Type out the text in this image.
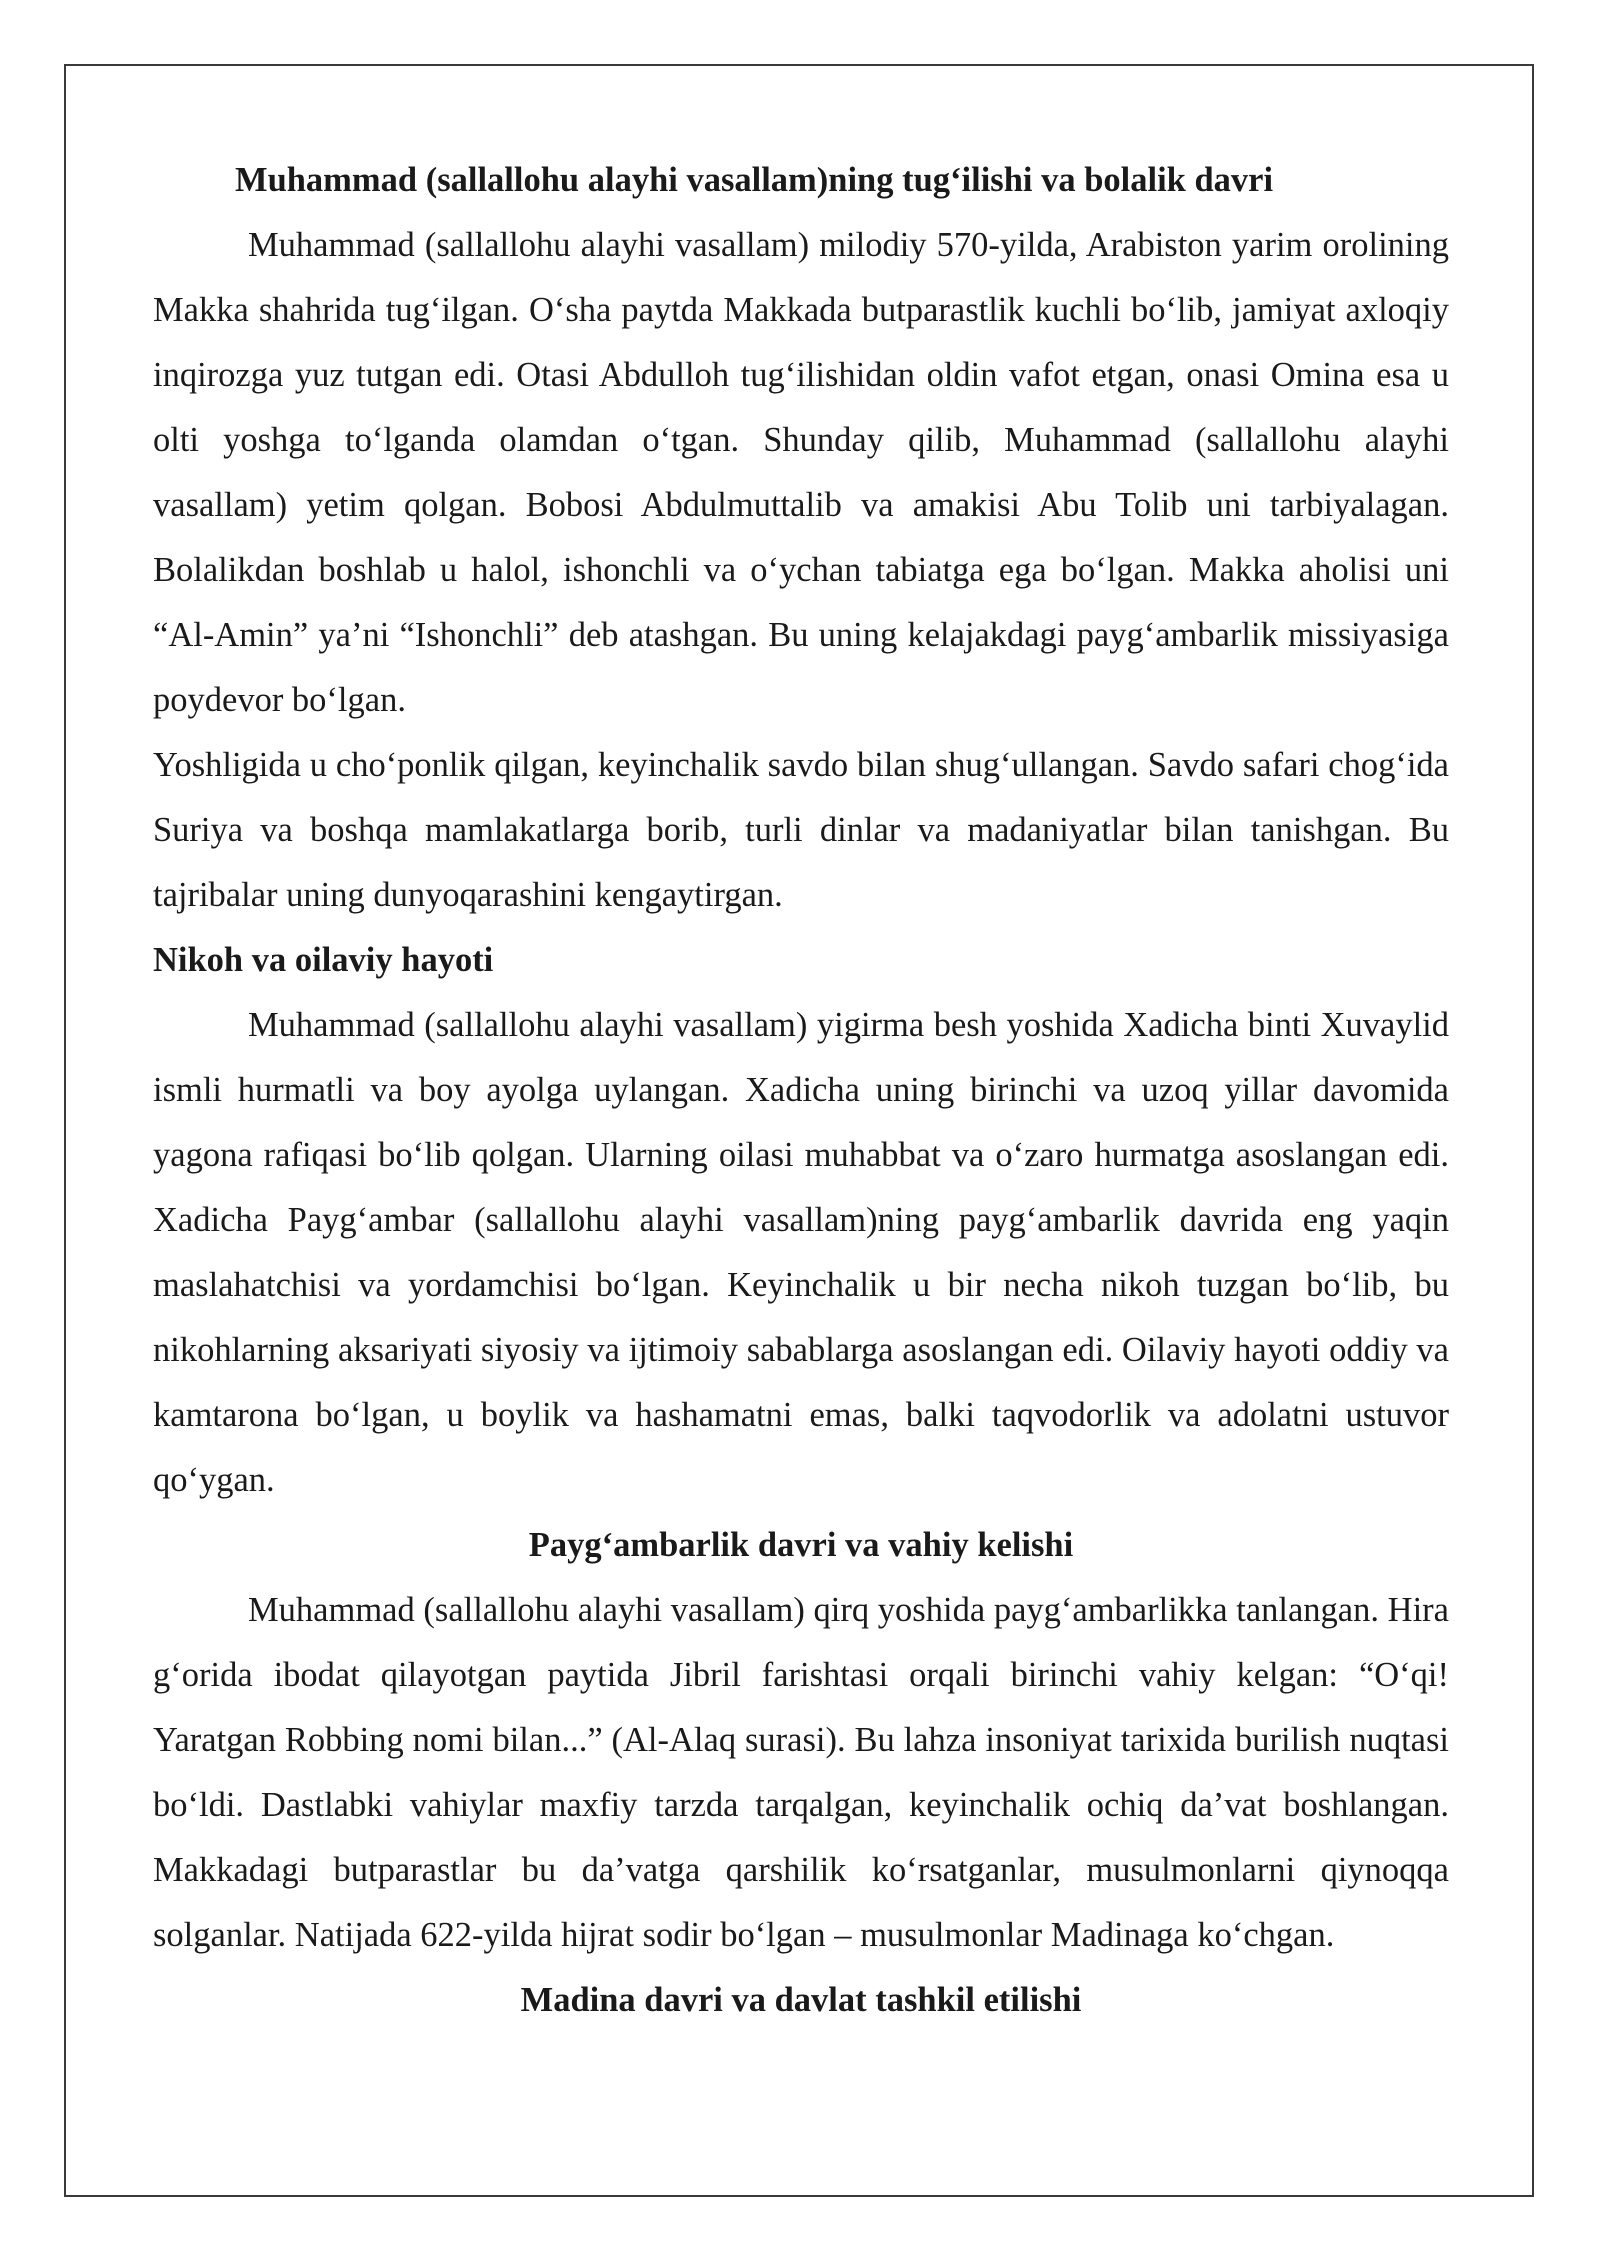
Muhammad (sallallohu alayhi vasallam)ning tug‘ilishi va bolalik davri

Muhammad (sallallohu alayhi vasallam) milodiy 570-yilda, Arabiston yarim orolining Makka shahrida tug‘ilgan. O‘sha paytda Makkada butparastlik kuchli bo‘lib, jamiyat axloqiy inqirozga yuz tutgan edi. Otasi Abdulloh tug‘ilishidan oldin vafot etgan, onasi Omina esa u olti yoshga to‘lganda olamdan o‘tgan. Shunday qilib, Muhammad (sallallohu alayhi vasallam) yetim qolgan. Bobosi Abdulmuttalib va amakisi Abu Tolib uni tarbiyalagan. Bolalikdan boshlab u halol, ishonchli va o‘ychan tabiatga ega bo‘lgan. Makka aholisi uni “Al-Amin” ya’ni “Ishonchli” deb atashgan. Bu uning kelajakdagi payg‘ambarlik missiyasiga poydevor bo‘lgan.

Yoshligida u cho‘ponlik qilgan, keyinchalik savdo bilan shug‘ullangan. Savdo safari chog‘ida Suriya va boshqa mamlakatlarga borib, turli dinlar va madaniyatlar bilan tanishgan. Bu tajribalar uning dunyoqarashini kengaytirgan.

Nikoh va oilaviy hayoti

Muhammad (sallallohu alayhi vasallam) yigirma besh yoshida Xadicha binti Xuvaylid ismli hurmatli va boy ayolga uylangan. Xadicha uning birinchi va uzoq yillar davomida yagona rafiqasi bo‘lib qolgan. Ularning oilasi muhabbat va o‘zaro hurmatga asoslangan edi. Xadicha Payg‘ambar (sallallohu alayhi vasallam)ning payg‘ambarlik davrida eng yaqin maslahatchisi va yordamchisi bo‘lgan. Keyinchalik u bir necha nikoh tuzgan bo‘lib, bu nikohlarning aksariyati siyosiy va ijtimoiy sabablarga asoslangan edi. Oilaviy hayoti oddiy va kamtarona bo‘lgan, u boylik va hashamatni emas, balki taqvodorlik va adolatni ustuvor qo‘ygan.

Payg‘ambarlik davri va vahiy kelishi

Muhammad (sallallohu alayhi vasallam) qirq yoshida payg‘ambarlikka tanlangan. Hira g‘orida ibodat qilayotgan paytida Jibril farishtasi orqali birinchi vahiy kelgan: “O‘qi! Yaratgan Robbing nomi bilan...” (Al-Alaq surasi). Bu lahza insoniyat tarixida burilish nuqtasi bo‘ldi. Dastlabki vahiylar maxfiy tarzda tarqalgan, keyinchalik ochiq da’vat boshlangan. Makkadagi butparastlar bu da’vatga qarshilik ko‘rsatganlar, musulmonlarni qiynoqqa solganlar. Natijada 622-yilda hijrat sodir bo‘lgan – musulmonlar Madinaga ko‘chgan.

Madina davri va davlat tashkil etilishi
